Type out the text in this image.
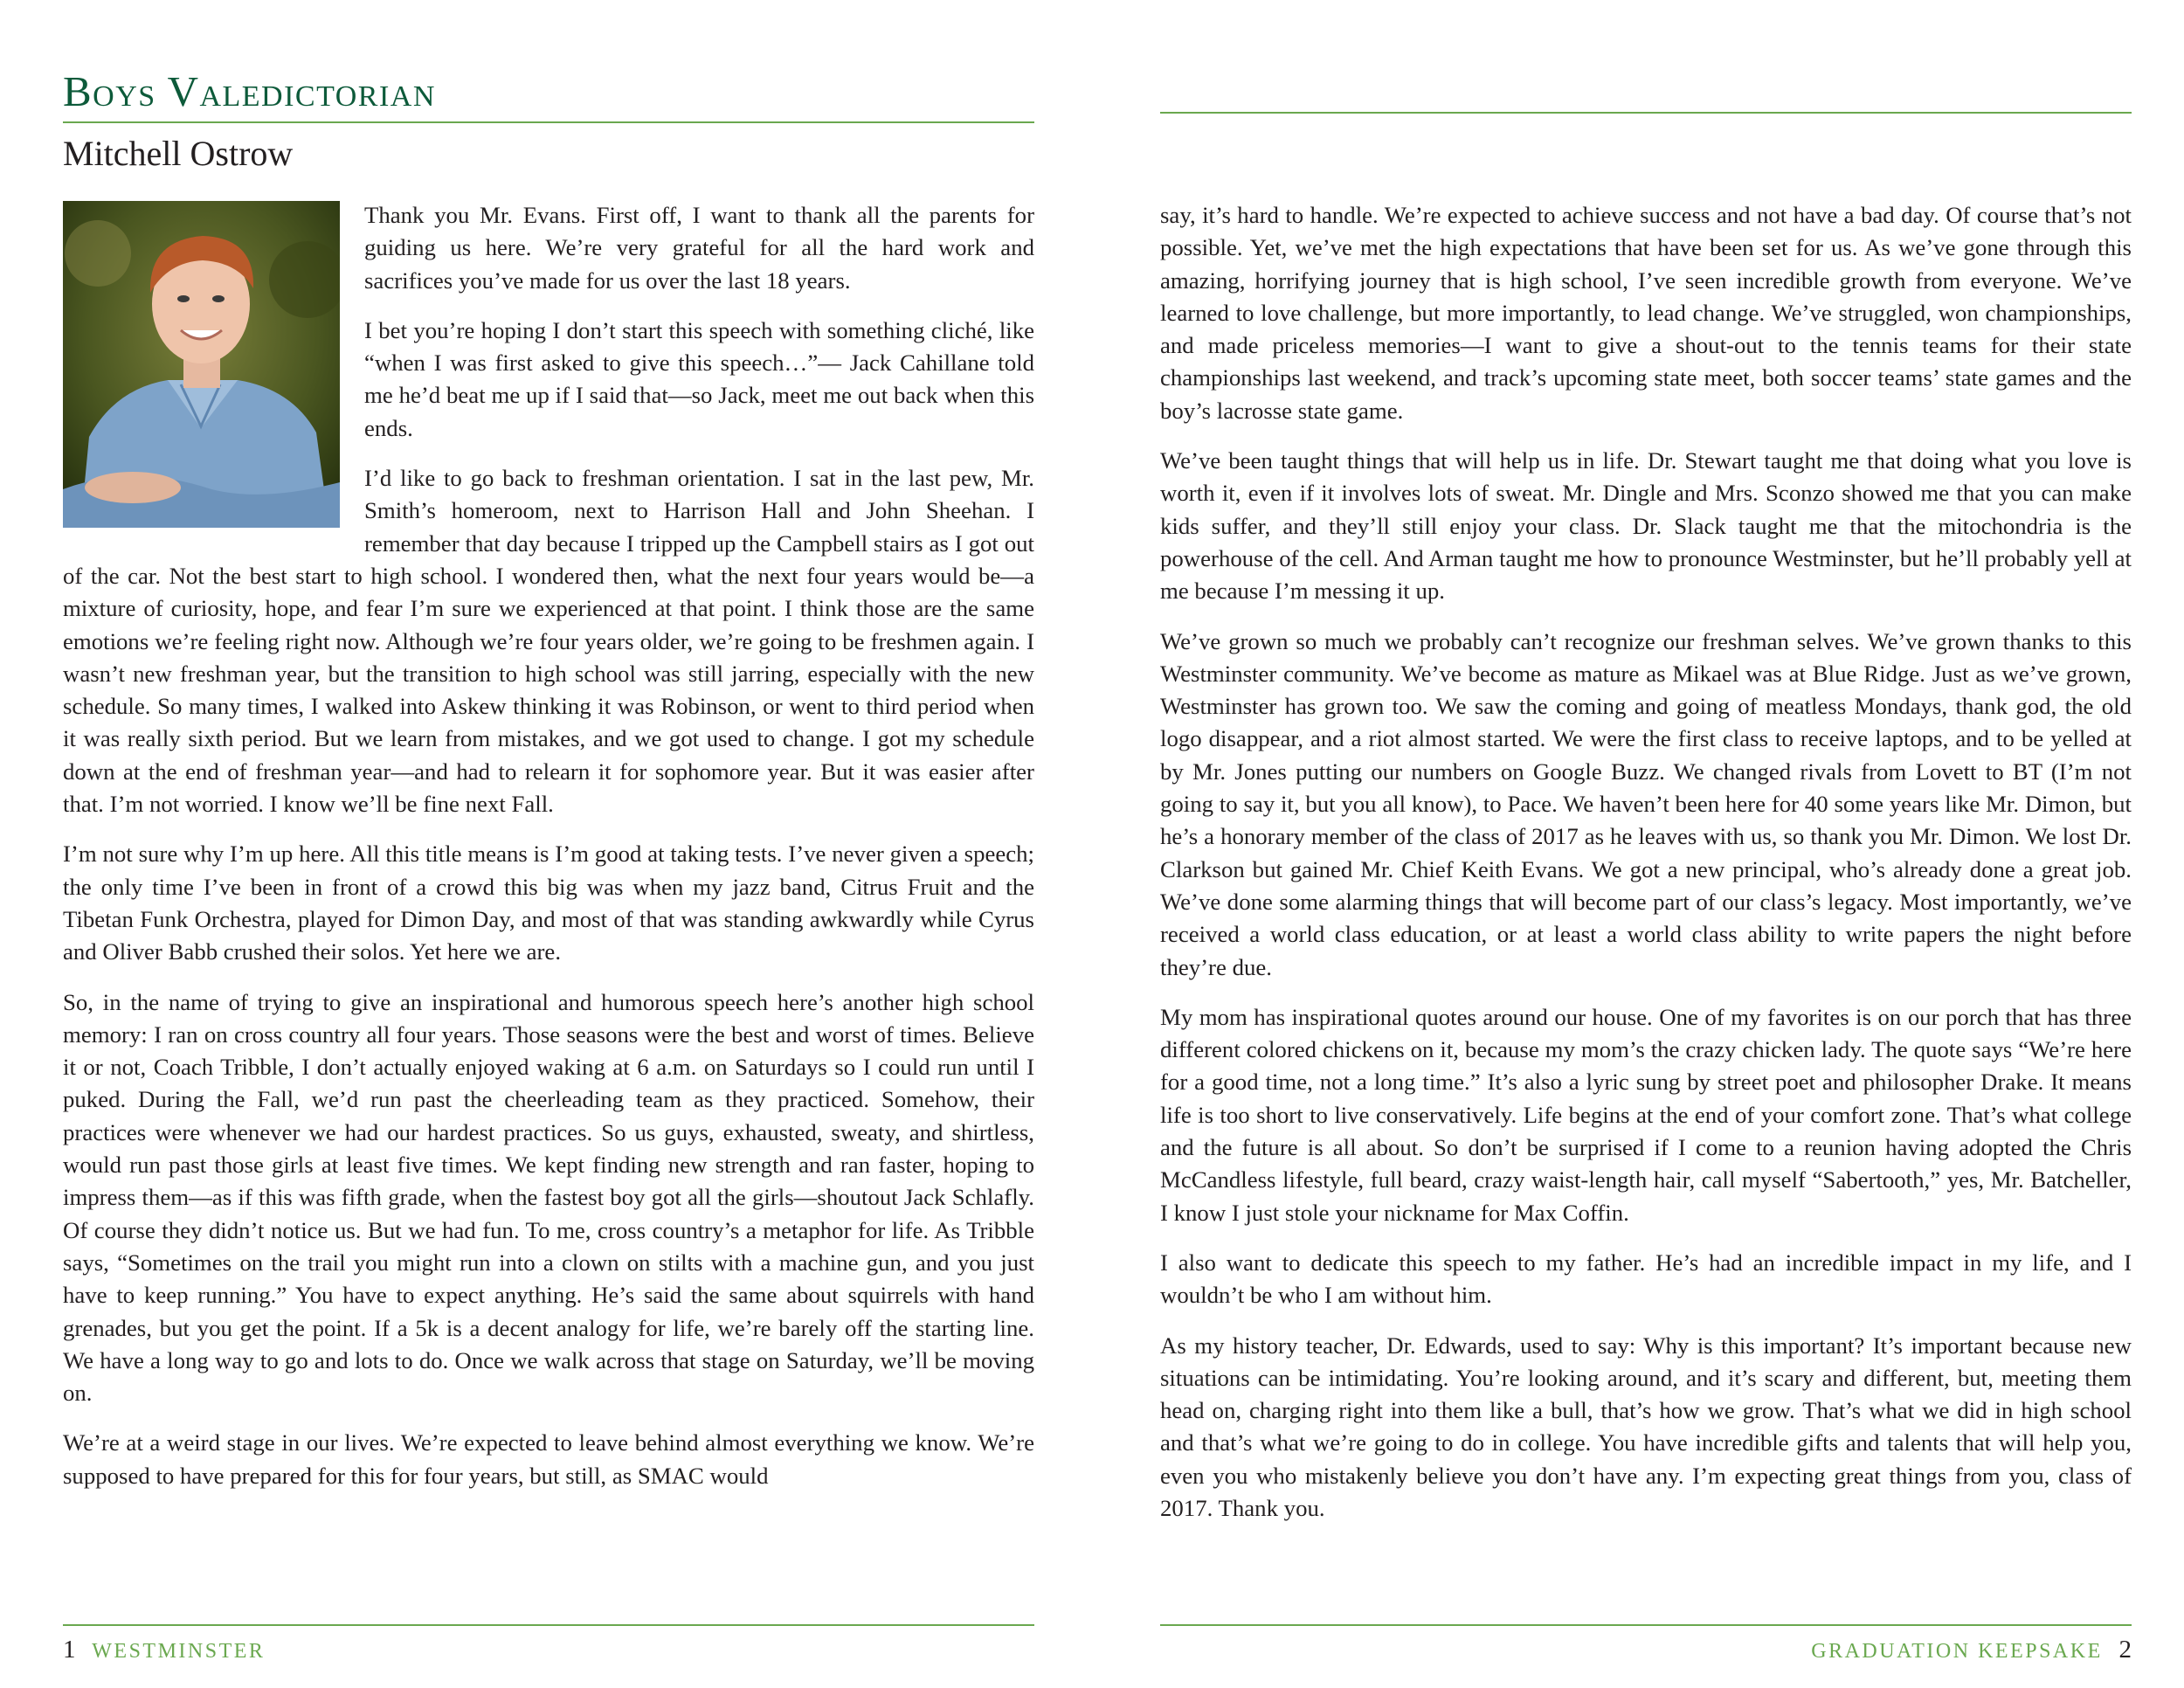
Boys Valedictorian
Mitchell Ostrow

Thank you Mr. Evans. First off, I want to thank all the parents for guiding us here. We’re very grateful for all the hard work and sacrifices you’ve made for us over the last 18 years.

I bet you’re hoping I don’t start this speech with something cliché, like “when I was first asked to give this speech…”— Jack Cahillane told me he’d beat me up if I said that—so Jack, meet me out back when this ends.

I’d like to go back to freshman orientation. I sat in the last pew, Mr. Smith’s homeroom, next to Harrison Hall and John Sheehan. I remember that day because I tripped up the Campbell stairs as I got out of the car. Not the best start to high school. I wondered then, what the next four years would be—a mixture of curiosity, hope, and fear I’m sure we experienced at that point. I think those are the same emotions we’re feeling right now. Although we’re four years older, we’re going to be freshmen again. I wasn’t new freshman year, but the transition to high school was still jarring, especially with the new schedule. So many times, I walked into Askew thinking it was Robinson, or went to third period when it was really sixth period. But we learn from mistakes, and we got used to change. I got my schedule down at the end of freshman year—and had to relearn it for sophomore year. But it was easier after that. I’m not worried. I know we’ll be fine next Fall.

I’m not sure why I’m up here. All this title means is I’m good at taking tests. I’ve never given a speech; the only time I’ve been in front of a crowd this big was when my jazz band, Citrus Fruit and the Tibetan Funk Orchestra, played for Dimon Day, and most of that was standing awkwardly while Cyrus and Oliver Babb crushed their solos. Yet here we are.

So, in the name of trying to give an inspirational and humorous speech here’s another high school memory: I ran on cross country all four years. Those seasons were the best and worst of times. Believe it or not, Coach Tribble, I don’t actually enjoyed waking at 6 a.m. on Saturdays so I could run until I puked. During the Fall, we’d run past the cheerleading team as they practiced. Somehow, their practices were whenever we had our hardest practices. So us guys, exhausted, sweaty, and shirtless, would run past those girls at least five times. We kept finding new strength and ran faster, hoping to impress them—as if this was fifth grade, when the fastest boy got all the girls—shoutout Jack Schlafly. Of course they didn’t notice us. But we had fun. To me, cross country’s a metaphor for life. As Tribble says, “Sometimes on the trail you might run into a clown on stilts with a machine gun, and you just have to keep running.” You have to expect anything. He’s said the same about squirrels with hand grenades, but you get the point. If a 5k is a decent analogy for life, we’re barely off the starting line. We have a long way to go and lots to do. Once we walk across that stage on Saturday, we’ll be moving on.

We’re at a weird stage in our lives. We’re expected to leave behind almost everything we know. We’re supposed to have prepared for this for four years, but still, as SMAC would

1 WESTMINSTER

say, it’s hard to handle. We’re expected to achieve success and not have a bad day. Of course that’s not possible. Yet, we’ve met the high expectations that have been set for us. As we’ve gone through this amazing, horrifying journey that is high school, I’ve seen incredible growth from everyone. We’ve learned to love challenge, but more importantly, to lead change. We’ve struggled, won championships, and made priceless memories—I want to give a shout-out to the tennis teams for their state championships last weekend, and track’s upcoming state meet, both soccer teams’ state games and the boy’s lacrosse state game.

We’ve been taught things that will help us in life. Dr. Stewart taught me that doing what you love is worth it, even if it involves lots of sweat. Mr. Dingle and Mrs. Sconzo showed me that you can make kids suffer, and they’ll still enjoy your class. Dr. Slack taught me that the mitochondria is the powerhouse of the cell. And Arman taught me how to pronounce Westminster, but he’ll probably yell at me because I’m messing it up.

We’ve grown so much we probably can’t recognize our freshman selves. We’ve grown thanks to this Westminster community. We’ve become as mature as Mikael was at Blue Ridge. Just as we’ve grown, Westminster has grown too. We saw the coming and going of meatless Mondays, thank god, the old logo disappear, and a riot almost started. We were the first class to receive laptops, and to be yelled at by Mr. Jones putting our numbers on Google Buzz. We changed rivals from Lovett to BT (I’m not going to say it, but you all know), to Pace. We haven’t been here for 40 some years like Mr. Dimon, but he’s a honorary member of the class of 2017 as he leaves with us, so thank you Mr. Dimon. We lost Dr. Clarkson but gained Mr. Chief Keith Evans. We got a new principal, who’s already done a great job. We’ve done some alarming things that will become part of our class’s legacy. Most importantly, we’ve received a world class education, or at least a world class ability to write papers the night before they’re due.

My mom has inspirational quotes around our house. One of my favorites is on our porch that has three different colored chickens on it, because my mom’s the crazy chicken lady. The quote says “We’re here for a good time, not a long time.” It’s also a lyric sung by street poet and philosopher Drake. It means life is too short to live conservatively. Life begins at the end of your comfort zone. That’s what college and the future is all about. So don’t be surprised if I come to a reunion having adopted the Chris McCandless lifestyle, full beard, crazy waist-length hair, call myself “Sabertooth,” yes, Mr. Batcheller, I know I just stole your nickname for Max Coffin.

I also want to dedicate this speech to my father. He’s had an incredible impact in my life, and I wouldn’t be who I am without him.

As my history teacher, Dr. Edwards, used to say: Why is this important? It’s important because new situations can be intimidating. You’re looking around, and it’s scary and different, but, meeting them head on, charging right into them like a bull, that’s how we grow. That’s what we did in high school and that’s what we’re going to do in college. You have incredible gifts and talents that will help you, even you who mistakenly believe you don’t have any. I’m expecting great things from you, class of 2017. Thank you.

GRADUATION KEEPSAKE 2
